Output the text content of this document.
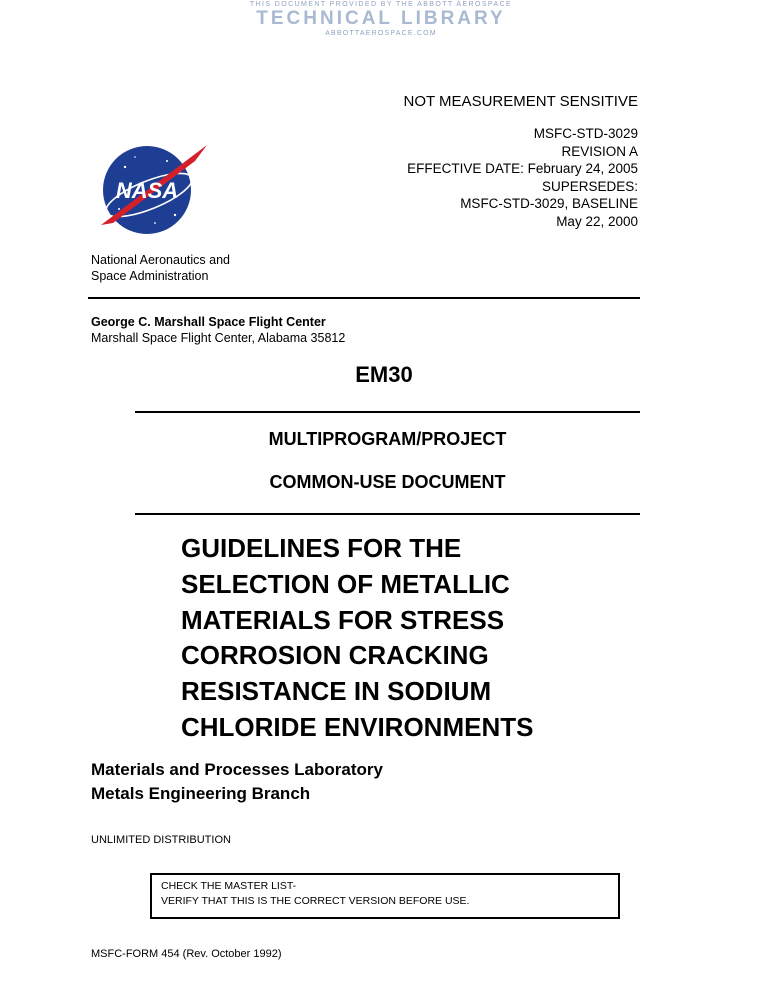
THIS DOCUMENT PROVIDED BY THE ABBOTT AEROSPACE
TECHNICAL LIBRARY
ABBOTTAEROSPACE.COM
NOT MEASUREMENT SENSITIVE
MSFC-STD-3029
REVISION A
EFFECTIVE DATE: February 24, 2005
SUPERSEDES:
MSFC-STD-3029, BASELINE
May 22, 2000
NASA
National Aeronautics and
Space Administration
George C. Marshall Space Flight Center
Marshall Space Flight Center, Alabama 35812
EM30
MULTIPROGRAM/PROJECT
COMMON-USE DOCUMENT
GUIDELINES FOR THE
SELECTION OF METALLIC
MATERIALS FOR STRESS
CORROSION CRACKING
RESISTANCE IN SODIUM
CHLORIDE ENVIRONMENTS
Materials and Processes Laboratory
Metals Engineering Branch
UNLIMITED DISTRIBUTION
CHECK THE MASTER LIST-
VERIFY THAT THIS IS THE CORRECT VERSION BEFORE USE.
MSFC-FORM 454 (Rev. October 1992)
